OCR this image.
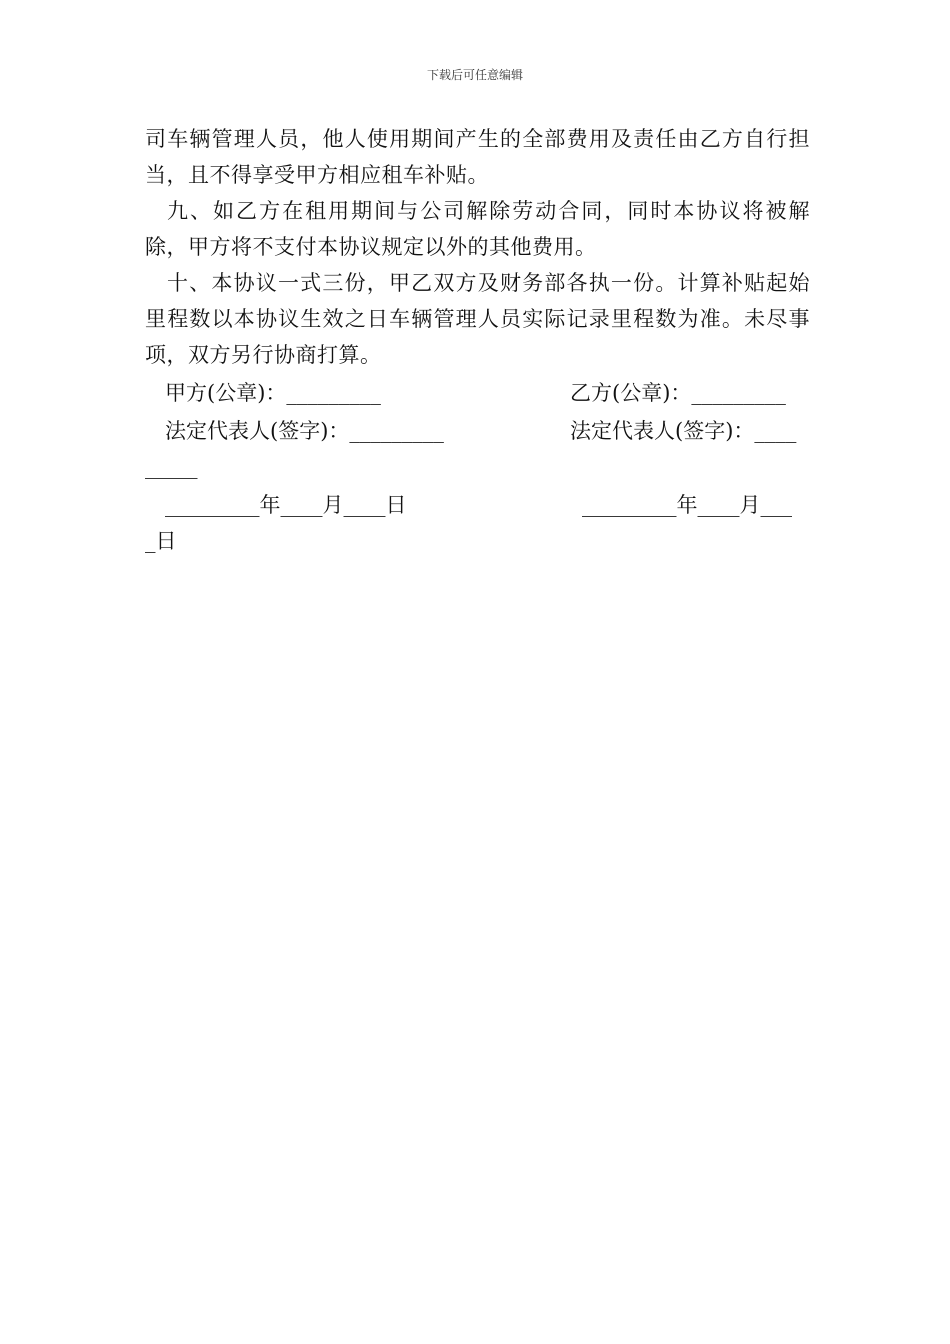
下载后可任意编辑

司车辆管理人员，他人使用期间产生的全部费用及责任由乙方自行担当，且不得享受甲方相应租车补贴。

九、如乙方在租用期间与公司解除劳动合同，同时本协议将被解除，甲方将不支付本协议规定以外的其他费用。

十、本协议一式三份，甲乙双方及财务部各执一份。计算补贴起始里程数以本协议生效之日车辆管理人员实际记录里程数为准。未尽事项，双方另行协商打算。

甲方(公章)：_________	乙方(公章)：_________
法定代表人(签字)：_________	法定代表人(签字)：____
_____
_________年____月____日	_________年____月___
_日
